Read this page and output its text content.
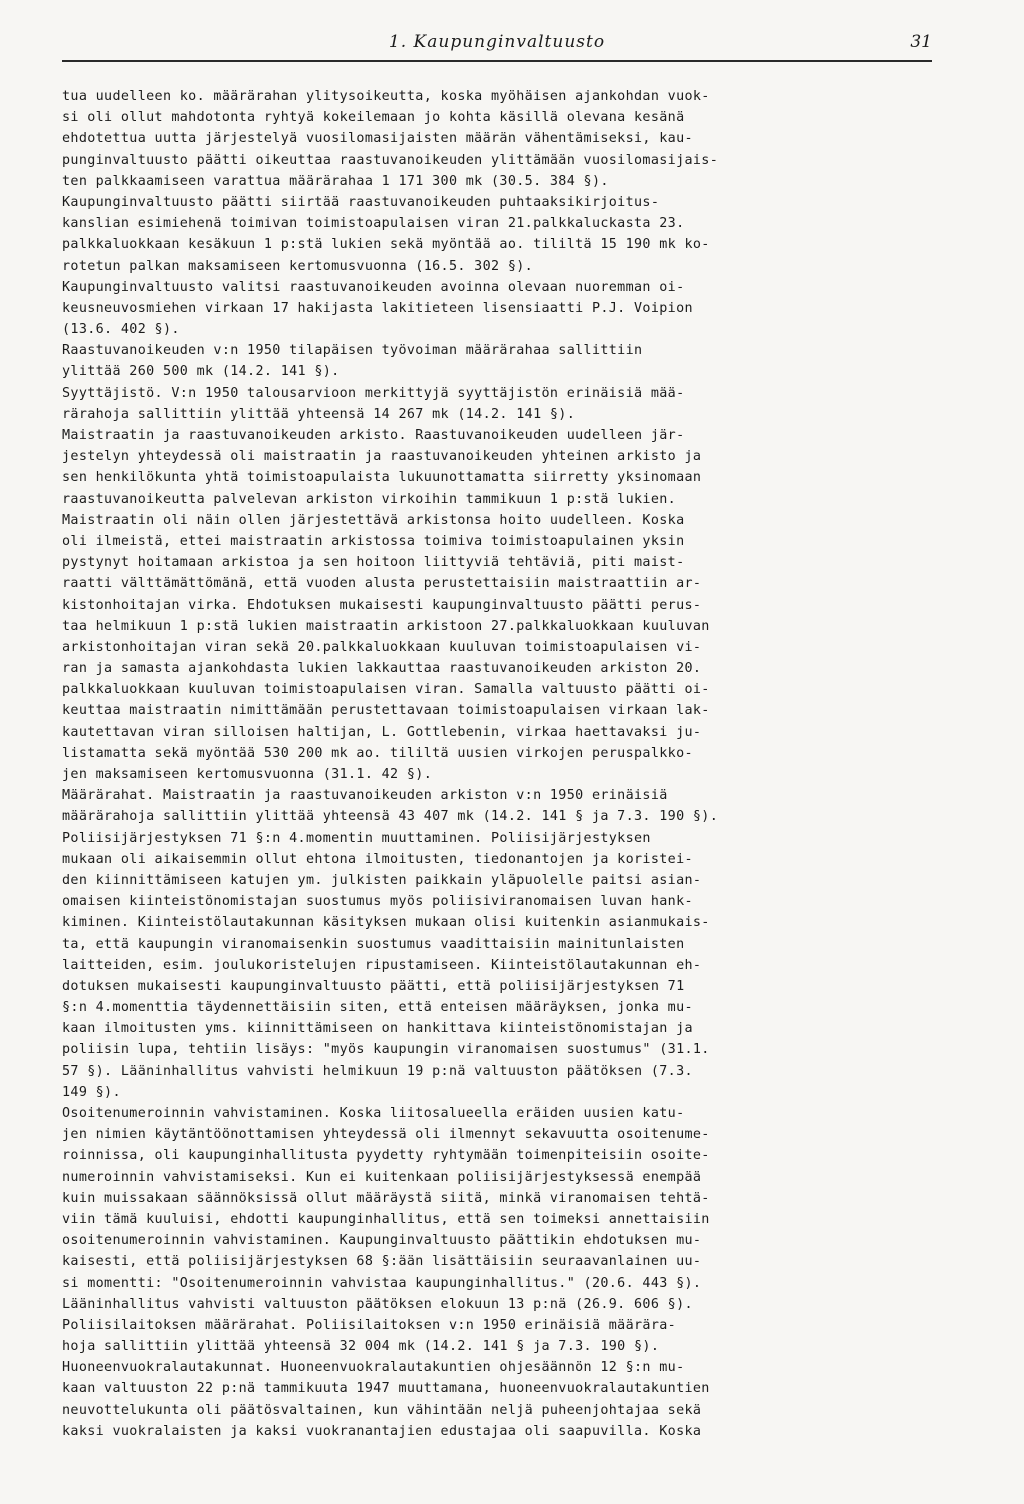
1. Kaupunginvaltuusto	31
tua uudelleen ko. määrärahan ylitysoikeutta, koska myöhäisen ajankohdan vuok-
si oli ollut mahdotonta ryhtyä kokeilemaan jo kohta käsillä olevana kesänä
ehdotettua uutta järjestelyä vuosilomasijaisten määrän vähentämiseksi, kau-
punginvaltuusto päätti oikeuttaa raastuvanoikeuden ylittämään vuosilomasijais-
ten palkkaamiseen varattua määrärahaa 1 171 300 mk (30.5. 384 §).
Kaupunginvaltuusto päätti siirtää raastuvanoikeuden puhtaaksikirjoitus-
kanslian esimiehenä toimivan toimistoapulaisen viran 21.palkkaluckasta 23.
palkkaluokkaan kesäkuun 1 p:stä lukien sekä myöntää ao. tililtä 15 190 mk ko-
rotetun palkan maksamiseen kertomusvuonna (16.5. 302 §).
Kaupunginvaltuusto valitsi raastuvanoikeuden avoinna olevaan nuoremman oi-
keusneuvosmiehen virkaan 17 hakijasta lakitieteen lisensiaatti P.J. Voipion
(13.6. 402 §).
Raastuvanoikeuden v:n 1950 tilapäisen työvoiman määrärahaa sallittiin
ylittää 260 500 mk (14.2. 141 §).
Syyttäjistö. V:n 1950 talousarvioon merkittyjä syyttäjistön erinäisiä mää-
rärahoja sallittiin ylittää yhteensä 14 267 mk (14.2. 141 §).
Maistraatin ja raastuvanoikeuden arkisto. Raastuvanoikeuden uudelleen jär-
jestelyn yhteydessä oli maistraatin ja raastuvanoikeuden yhteinen arkisto ja
sen henkilökunta yhtä toimistoapulaista lukuunottamatta siirretty yksinomaan
raastuvanoikeutta palvelevan arkiston virkoihin tammikuun 1 p:stä lukien.
Maistraatin oli näin ollen järjestettävä arkistonsa hoito uudelleen. Koska
oli ilmeistä, ettei maistraatin arkistossa toimiva toimistoapulainen yksin
pystynyt hoitamaan arkistoa ja sen hoitoon liittyviä tehtäviä, piti maist-
raatti välttämättömänä, että vuoden alusta perustettaisiin maistraattiin ar-
kistonhoitajan virka. Ehdotuksen mukaisesti kaupunginvaltuusto päätti perus-
taa helmikuun 1 p:stä lukien maistraatin arkistoon 27.palkkaluokkaan kuuluvan
arkistonhoitajan viran sekä 20.palkkaluokkaan kuuluvan toimistoapulaisen vi-
ran ja samasta ajankohdasta lukien lakkauttaa raastuvanoikeuden arkiston 20.
palkkaluokkaan kuuluvan toimistoapulaisen viran. Samalla valtuusto päätti oi-
keuttaa maistraatin nimittämään perustettavaan toimistoapulaisen virkaan lak-
kautettavan viran silloisen haltijan, L. Gottlebenin, virkaa haettavaksi ju-
listamatta sekä myöntää 530 200 mk ao. tililtä uusien virkojen peruspalkko-
jen maksamiseen kertomusvuonna (31.1. 42 §).
Määrärahat. Maistraatin ja raastuvanoikeuden arkiston v:n 1950 erinäisiä
määrärahoja sallittiin ylittää yhteensä 43 407 mk (14.2. 141 § ja 7.3. 190 §).
Poliisijärjestyksen 71 §:n 4.momentin muuttaminen. Poliisijärjestyksen
mukaan oli aikaisemmin ollut ehtona ilmoitusten, tiedonantojen ja koristei-
den kiinnittämiseen katujen ym. julkisten paikkain yläpuolelle paitsi asian-
omaisen kiinteistönomistajan suostumus myös poliisiviranomaisen luvan hank-
kiminen. Kiinteistölautakunnan käsityksen mukaan olisi kuitenkin asianmukais-
ta, että kaupungin viranomaisenkin suostumus vaadittaisiin mainitunlaisten
laitteiden, esim. joulukoristelujen ripustamiseen. Kiinteistölautakunnan eh-
dotuksen mukaisesti kaupunginvaltuusto päätti, että poliisijärjestyksen 71
§:n 4.momenttia täydennettäisiin siten, että enteisen määräyksen, jonka mu-
kaan ilmoitusten yms. kiinnittämiseen on hankittava kiinteistönomistajan ja
poliisin lupa, tehtiin lisäys: "myös kaupungin viranomaisen suostumus" (31.1.
57 §). Lääninhallitus vahvisti helmikuun 19 p:nä valtuuston päätöksen (7.3.
149 §).
Osoitenumeroinnin vahvistaminen. Koska liitosalueella eräiden uusien katu-
jen nimien käytäntöönottamisen yhteydessä oli ilmennyt sekavuutta osoitenume-
roinnissa, oli kaupunginhallitusta pyydetty ryhtymään toimenpiteisiin osoite-
numeroinnin vahvistamiseksi. Kun ei kuitenkaan poliisijärjestyksessä enempää
kuin muissakaan säännöksissä ollut määräystä siitä, minkä viranomaisen tehtä-
viin tämä kuuluisi, ehdotti kaupunginhallitus, että sen toimeksi annettaisiin
osoitenumeroinnin vahvistaminen. Kaupunginvaltuusto päättikin ehdotuksen mu-
kaisesti, että poliisijärjestyksen 68 §:ään lisättäisiin seuraavanlainen uu-
si momentti: "Osoitenumeroinnin vahvistaa kaupunginhallitus." (20.6. 443 §).
Lääninhallitus vahvisti valtuuston päätöksen elokuun 13 p:nä (26.9. 606 §).
Poliisilaitoksen määrärahat. Poliisilaitoksen v:n 1950 erinäisiä määrära-
hoja sallittiin ylittää yhteensä 32 004 mk (14.2. 141 § ja 7.3. 190 §).
Huoneenvuokralautakunnat. Huoneenvuokralautakuntien ohjesäännön 12 §:n mu-
kaan valtuuston 22 p:nä tammikuuta 1947 muuttamana, huoneenvuokralautakuntien
neuvottelukunta oli päätösvaltainen, kun vähintään neljä puheenjohtajaa sekä
kaksi vuokralaisten ja kaksi vuokranantajien edustajaa oli saapuvilla. Koska
